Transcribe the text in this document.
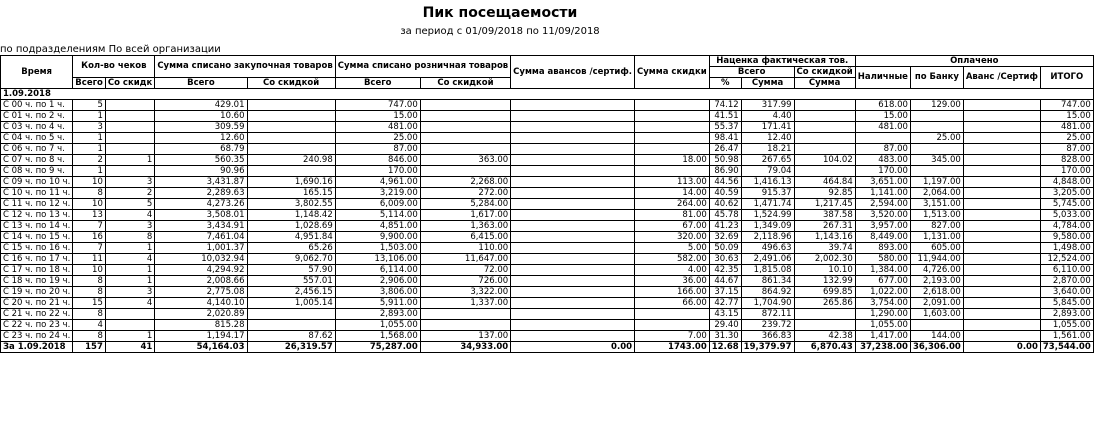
Пик посещаемости
за период с 01/09/2018 по 11/09/2018
по подразделениям По всей организации
Время	Кол-во чеков		Сумма списано закупочная товаров		Сумма списано розничная товаров		Сумма авансов /сертиф.	Сумма скидки	Наценка фактическая тов.			Оплачено			
									Всего		Со скидкой	Наличные	по Банку	Аванс /Сертиф	ИТОГО
	Всего	Со скидк	Всего	Со скидкой	Всего	Со скидкой			%	Сумма	Сумма				
1.09.2018															
С 00 ч. по 1 ч.	5		429.01		747.00				74.12	317.99		618.00	129.00		747.00
С 01 ч. по 2 ч.	1		10.60		15.00				41.51	4.40		15.00			15.00
С 03 ч. по 4 ч.	3		309.59		481.00				55.37	171.41		481.00			481.00
С 04 ч. по 5 ч.	1		12.60		25.00				98.41	12.40			25.00		25.00
С 06 ч. по 7 ч.	1		68.79		87.00				26.47	18.21		87.00			87.00
С 07 ч. по 8 ч.	2	1	560.35	240.98	846.00	363.00		18.00	50.98	267.65	104.02	483.00	345.00		828.00
С 08 ч. по 9 ч.	1		90.96		170.00				86.90	79.04		170.00			170.00
С 09 ч. по 10 ч.	10	3	3,431.87	1,690.16	4,961.00	2,268.00		113.00	44.56	1,416.13	464.84	3,651.00	1,197.00		4,848.00
С 10 ч. по 11 ч.	8	2	2,289.63	165.15	3,219.00	272.00		14.00	40.59	915.37	92.85	1,141.00	2,064.00		3,205.00
С 11 ч. по 12 ч.	10	5	4,273.26	3,802.55	6,009.00	5,284.00		264.00	40.62	1,471.74	1,217.45	2,594.00	3,151.00		5,745.00
С 12 ч. по 13 ч.	13	4	3,508.01	1,148.42	5,114.00	1,617.00		81.00	45.78	1,524.99	387.58	3,520.00	1,513.00		5,033.00
С 13 ч. по 14 ч.	7	3	3,434.91	1,028.69	4,851.00	1,363.00		67.00	41.23	1,349.09	267.31	3,957.00	827.00		4,784.00
С 14 ч. по 15 ч.	16	8	7,461.04	4,951.84	9,900.00	6,415.00		320.00	32.69	2,118.96	1,143.16	8,449.00	1,131.00		9,580.00
С 15 ч. по 16 ч.	7	1	1,001.37	65.26	1,503.00	110.00		5.00	50.09	496.63	39.74	893.00	605.00		1,498.00
С 16 ч. по 17 ч.	11	4	10,032.94	9,062.70	13,106.00	11,647.00		582.00	30.63	2,491.06	2,002.30	580.00	11,944.00		12,524.00
С 17 ч. по 18 ч.	10	1	4,294.92	57.90	6,114.00	72.00		4.00	42.35	1,815.08	10.10	1,384.00	4,726.00		6,110.00
С 18 ч. по 19 ч.	8	1	2,008.66	557.01	2,906.00	726.00		36.00	44.67	861.34	132.99	677.00	2,193.00		2,870.00
С 19 ч. по 20 ч.	8	3	2,775.08	2,456.15	3,806.00	3,322.00		166.00	37.15	864.92	699.85	1,022.00	2,618.00		3,640.00
С 20 ч. по 21 ч.	15	4	4,140.10	1,005.14	5,911.00	1,337.00		66.00	42.77	1,704.90	265.86	3,754.00	2,091.00		5,845.00
С 21 ч. по 22 ч.	8		2,020.89		2,893.00				43.15	872.11		1,290.00	1,603.00		2,893.00
С 22 ч. по 23 ч.	4		815.28		1,055.00				29.40	239.72		1,055.00			1,055.00
С 23 ч. по 24 ч.	8	1	1,194.17	87.62	1,568.00	137.00		7.00	31.30	366.83	42.38	1,417.00	144.00		1,561.00
За 1.09.2018	157	41	54,164.03	26,319.57	75,287.00	34,933.00	0.00	1743.00	12.68	19,379.97	6,870.43	37,238.00	36,306.00	0.00	73,544.00
